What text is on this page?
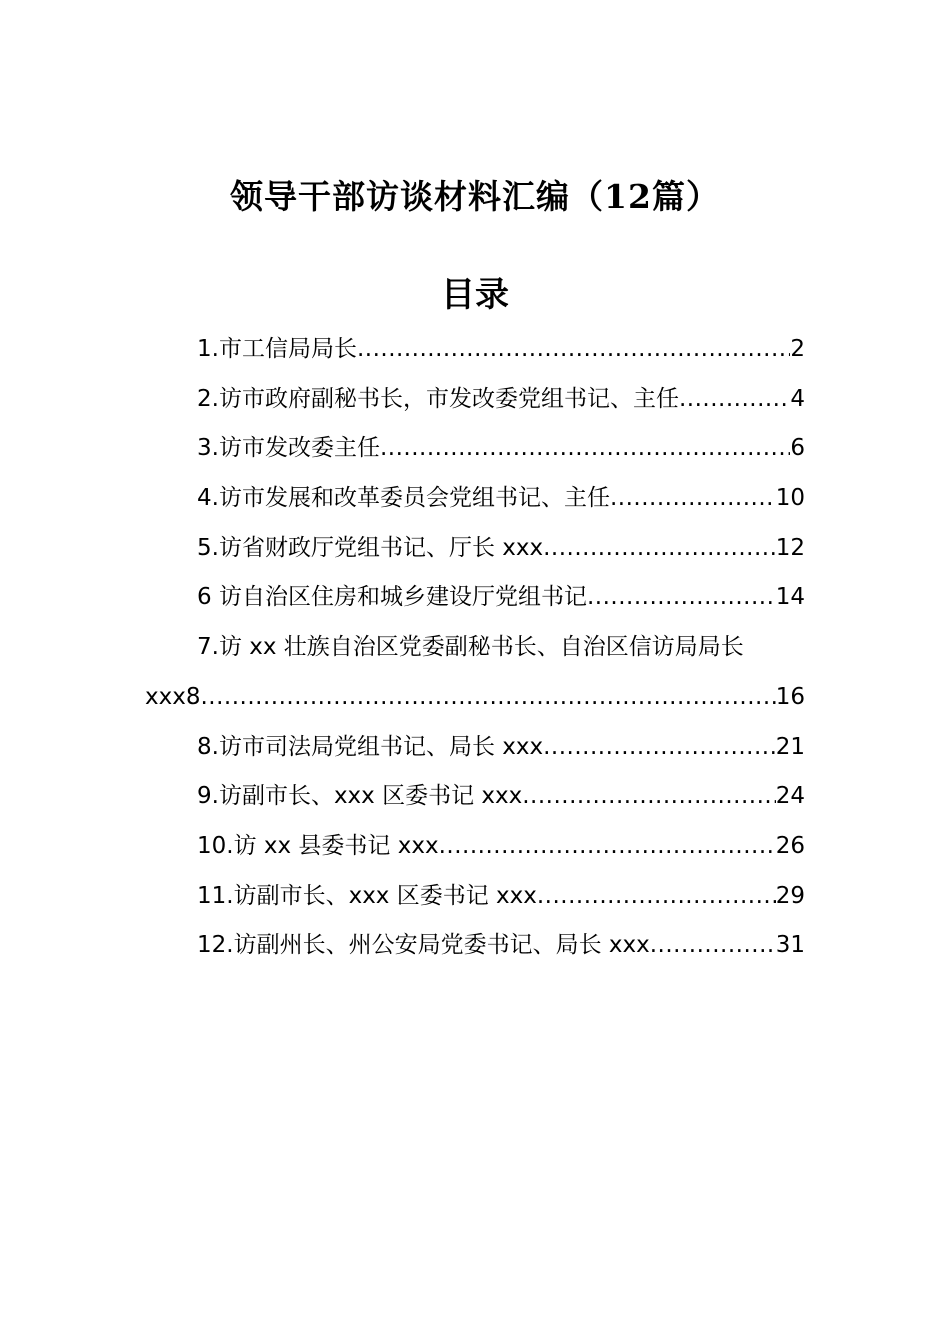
领导干部访谈材料汇编（12篇）
目录
1.市工信局局长 .....	2
2.访市政府副秘书长，市发改委党组书记、主任 .....	4
3.访市发改委主任 .....	6
4.访市发展和改革委员会党组书记、主任 .....	10
5.访省财政厅党组书记、厅长 xxx .....	12
6 访自治区住房和城乡建设厅党组书记 .....	14
7.访 xx 壮族自治区党委副秘书长、自治区信访局局长
xxx8 .....	16
8.访市司法局党组书记、局长 xxx .....	21
9.访副市长、xxx 区委书记 xxx .....	24
10.访 xx 县委书记 xxx .....	26
11.访副市长、xxx 区委书记 xxx .....	29
12.访副州长、州公安局党委书记、局长 xxx .....	31
